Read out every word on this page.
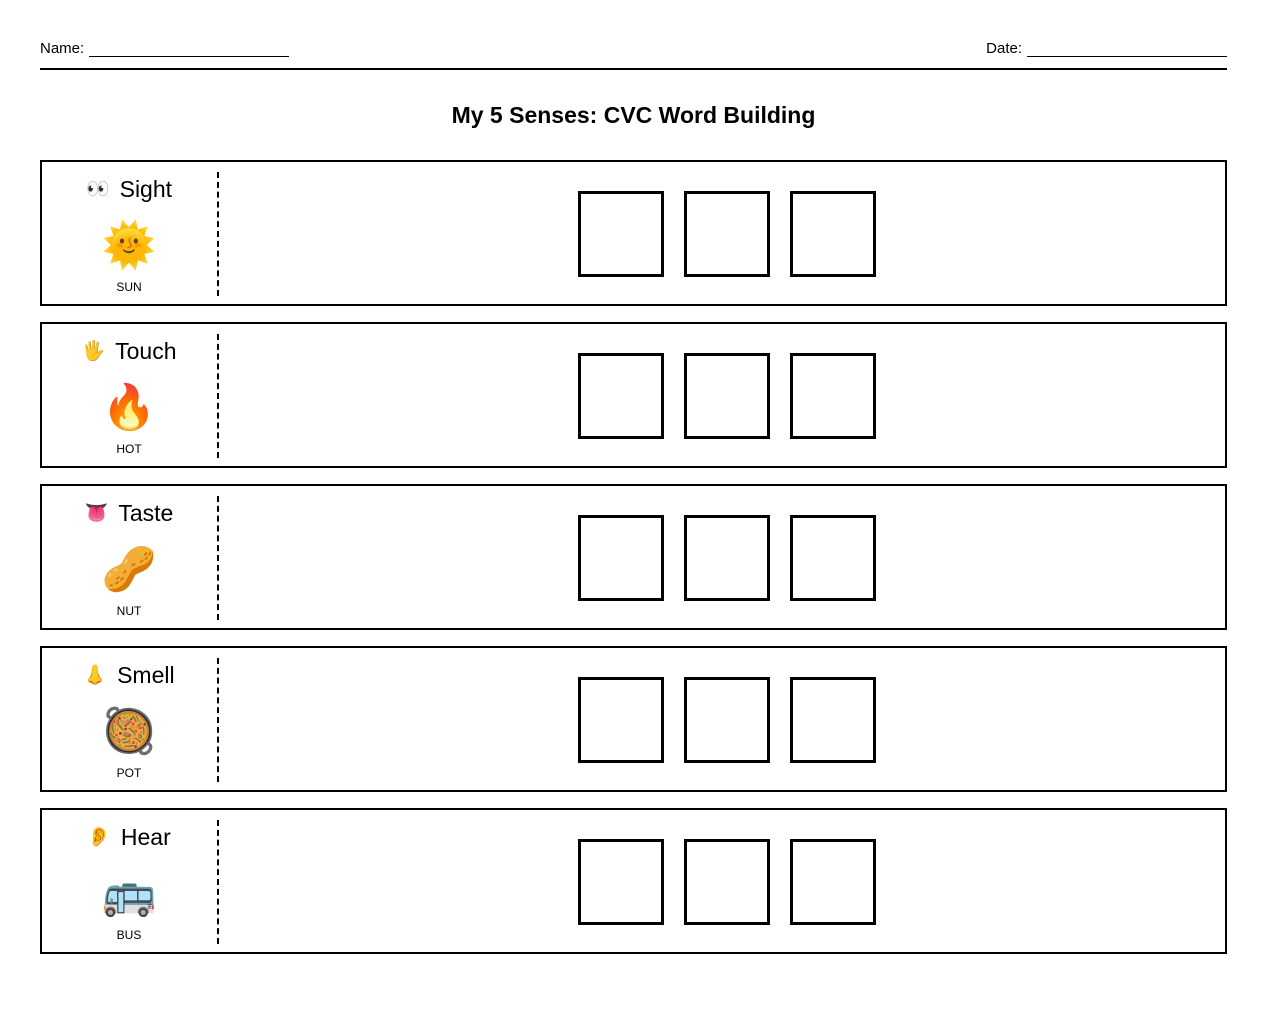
Name:	Date:
My 5 Senses: CVC Word Building
👀 Sight
🌞
SUN
🖐 Touch
🔥
HOT
👅 Taste
🥜
NUT
👃 Smell
🥘
POT
👂 Hear
🚌
BUS
